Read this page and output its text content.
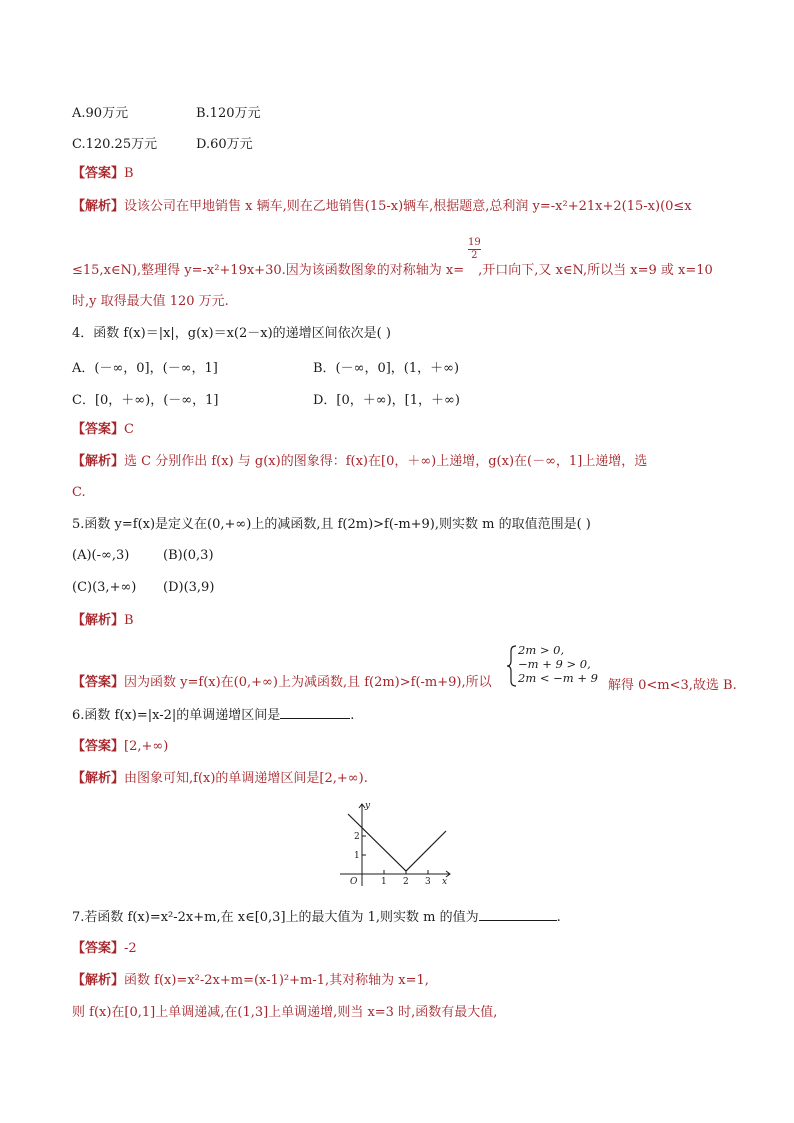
A.90万元	B.120万元
C.120.25万元	D.60万元
【答案】B
【解析】设该公司在甲地销售 x 辆车,则在乙地销售(15-x)辆车,根据题意,总利润 y=-x²+21x+2(15-x)(0≤x
$\frac{19}{2}$
≤15,x∈N),整理得 y=-x²+19x+30.因为该函数图象的对称轴为 x= ,开口向下,又 x∈N,所以当 x=9 或 x=10
时,y 取得最大值 120 万元.
4．函数 f(x)＝|x|，g(x)＝x(2－x)的递增区间依次是( )
A．(－∞，0]，(－∞，1]	B．(－∞，0]，(1，＋∞)
C．[0，＋∞)，(－∞，1]	D．[0，＋∞)，[1，＋∞)
【答案】C
【解析】选 C 分别作出 f(x) 与 g(x)的图象得：f(x)在[0，＋∞)上递增，g(x)在(－∞，1]上递增，选
C.
5.函数 y=f(x)是定义在(0,+∞)上的减函数,且 f(2m)>f(-m+9),则实数 m 的取值范围是( )
(A)(-∞,3)	(B)(0,3)
(C)(3,+∞) (D)(3,9)
【解析】B
2m > 0,
−m + 9 > 0,
2m < −m + 9
【答案】因为函数 y=f(x)在(0,+∞)上为减函数,且 f(2m)>f(-m+9),所以	解得 0<m<3,故选 B.
6.函数 f(x)=|x-2|的单调递增区间是	.
【答案】[2,+∞)
【解析】由图象可知,f(x)的单调递增区间是[2,+∞).
y
x
O
1
2
1 2 3
7.若函数 f(x)=x²-2x+m,在 x∈[0,3]上的最大值为 1,则实数 m 的值为	.
【答案】-2
【解析】函数 f(x)=x²-2x+m=(x-1)²+m-1,其对称轴为 x=1,
则 f(x)在[0,1]上单调递减,在(1,3]上单调递增,则当 x=3 时,函数有最大值,
